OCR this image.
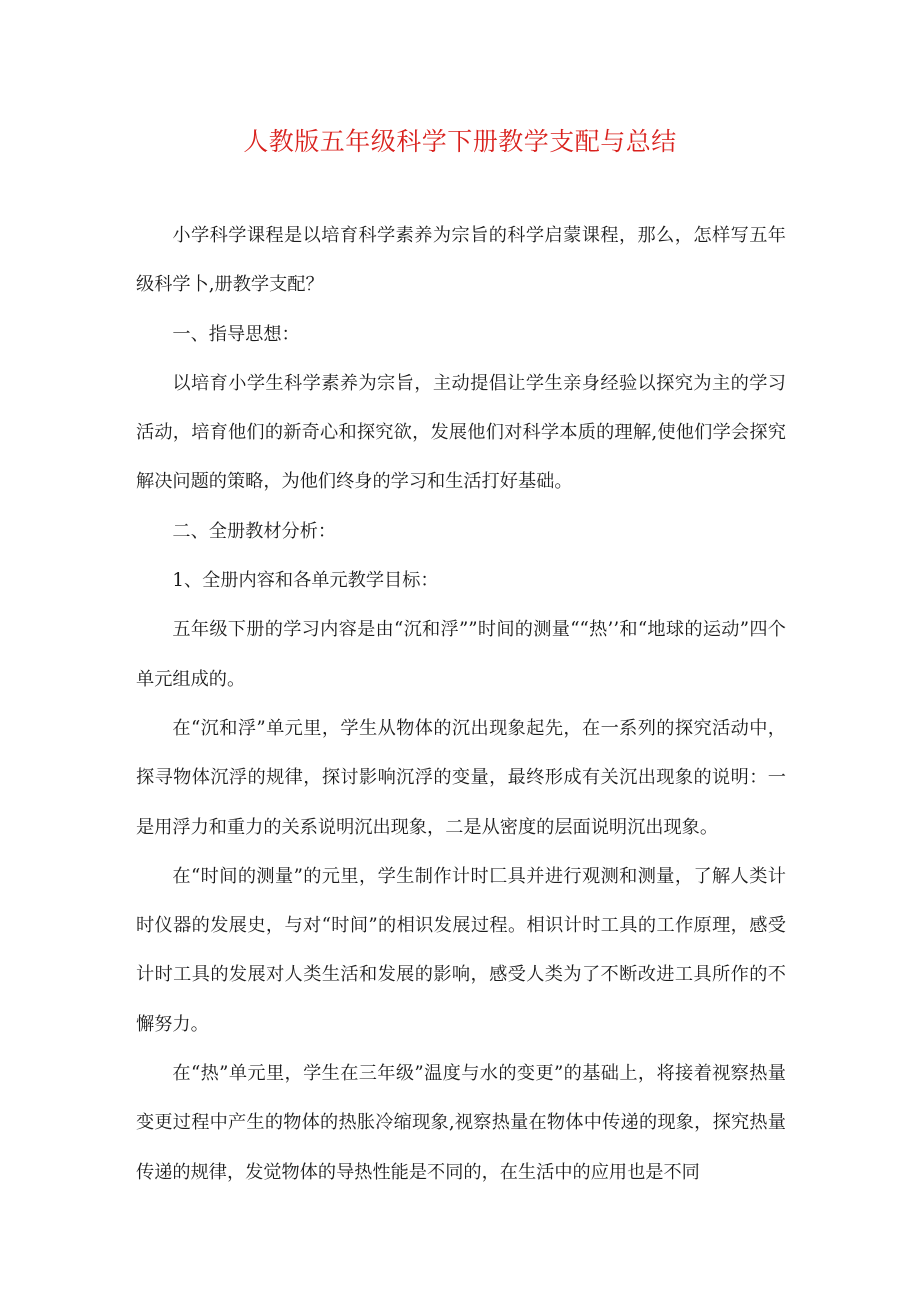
人教版五年级科学下册教学支配与总结

小学科学课程是以培育科学素养为宗旨的科学启蒙课程，那么，怎样写五年级科学卜,册教学支配？

一、指导思想：

以培育小学生科学素养为宗旨，主动提倡让学生亲身经验以探究为主的学习活动，培育他们的新奇心和探究欲，发展他们对科学本质的理解,使他们学会探究解决问题的策略，为他们终身的学习和生活打好基础。

二、全册教材分析：

1、全册内容和各单元教学目标：

五年级下册的学习内容是由“沉和浮””时间的测量““热’’和“地球的运动”四个单元组成的。

在“沉和浮”单元里，学生从物体的沉出现象起先，在一系列的探究活动中，探寻物体沉浮的规律，探讨影响沉浮的变量，最终形成有关沉出现象的说明：一是用浮力和重力的关系说明沉出现象，二是从密度的层面说明沉出现象。

在“时间的测量”的元里，学生制作计时匚具并进行观测和测量，了解人类计时仪器的发展史，与对“时间”的相识发展过程。相识计时工具的工作原理，感受计时工具的发展对人类生活和发展的影响，感受人类为了不断改进工具所作的不懈努力。

在“热”单元里，学生在三年级”温度与水的变更”的基础上，将接着视察热量变更过程中产生的物体的热胀冷缩现象,视察热量在物体中传递的现象，探究热量传递的规律，发觉物体的导热性能是不同的，在生活中的应用也是不同
